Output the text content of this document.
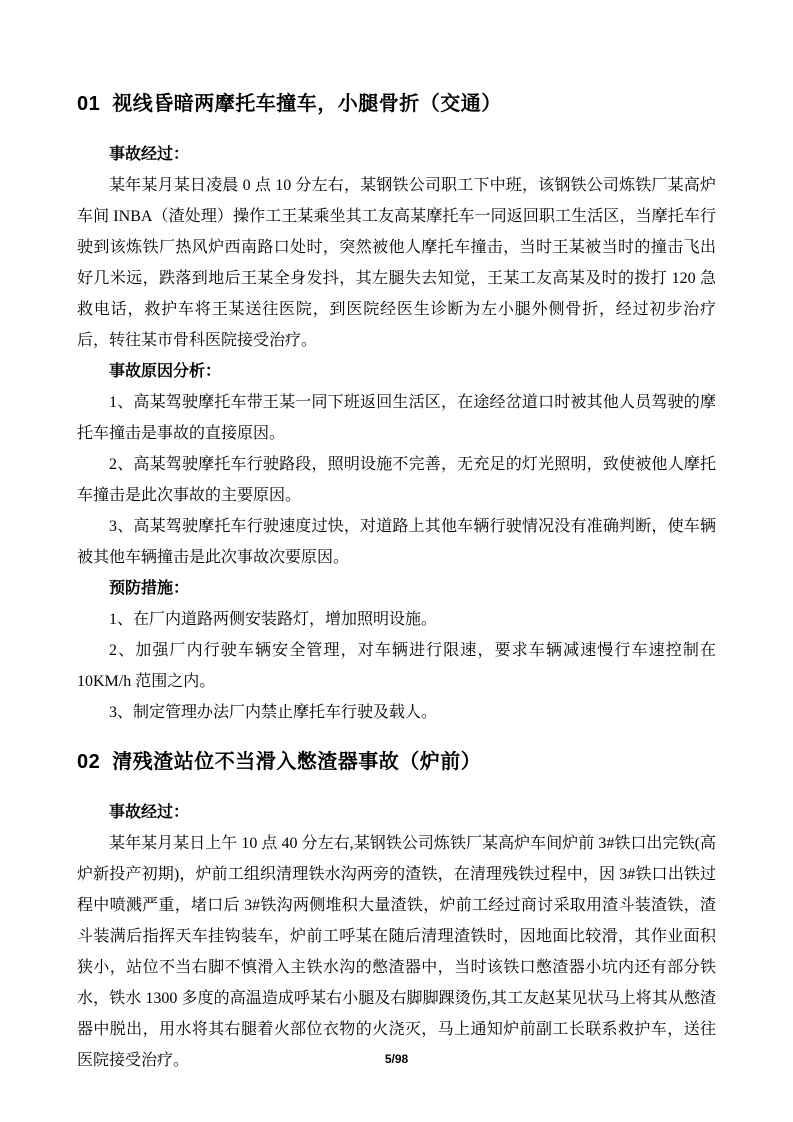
01 视线昏暗两摩托车撞车，小腿骨折（交通）

事故经过：

某年某月某日凌晨 0 点 10 分左右，某钢铁公司职工下中班，该钢铁公司炼铁厂某高炉车间 INBA（渣处理）操作工王某乘坐其工友高某摩托车一同返回职工生活区，当摩托车行驶到该炼铁厂热风炉西南路口处时，突然被他人摩托车撞击，当时王某被当时的撞击飞出好几米远，跌落到地后王某全身发抖，其左腿失去知觉，王某工友高某及时的拨打 120 急救电话，救护车将王某送往医院，到医院经医生诊断为左小腿外侧骨折，经过初步治疗后，转往某市骨科医院接受治疗。

事故原因分析：

1、高某驾驶摩托车带王某一同下班返回生活区，在途经岔道口时被其他人员驾驶的摩托车撞击是事故的直接原因。

2、高某驾驶摩托车行驶路段，照明设施不完善，无充足的灯光照明，致使被他人摩托车撞击是此次事故的主要原因。

3、高某驾驶摩托车行驶速度过快，对道路上其他车辆行驶情况没有准确判断，使车辆被其他车辆撞击是此次事故次要原因。

预防措施：

1、在厂内道路两侧安装路灯，增加照明设施。

2、加强厂内行驶车辆安全管理，对车辆进行限速，要求车辆减速慢行车速控制在 10KM/h 范围之内。

3、制定管理办法厂内禁止摩托车行驶及载人。

02 清残渣站位不当滑入憋渣器事故（炉前）

事故经过：

某年某月某日上午 10 点 40 分左右,某钢铁公司炼铁厂某高炉车间炉前 3#铁口出完铁(高炉新投产初期)，炉前工组织清理铁水沟两旁的渣铁，在清理残铁过程中，因 3#铁口出铁过程中喷溅严重，堵口后 3#铁沟两侧堆积大量渣铁，炉前工经过商讨采取用渣斗装渣铁，渣斗装满后指挥天车挂钩装车，炉前工呼某在随后清理渣铁时，因地面比较滑，其作业面积狭小，站位不当右脚不慎滑入主铁水沟的憋渣器中，当时该铁口憋渣器小坑内还有部分铁水，铁水 1300 多度的高温造成呼某右小腿及右脚脚踝烫伤,其工友赵某见状马上将其从憋渣器中脱出，用水将其右腿着火部位衣物的火浇灭，马上通知炉前副工长联系救护车，送往医院接受治疗。	5/98
